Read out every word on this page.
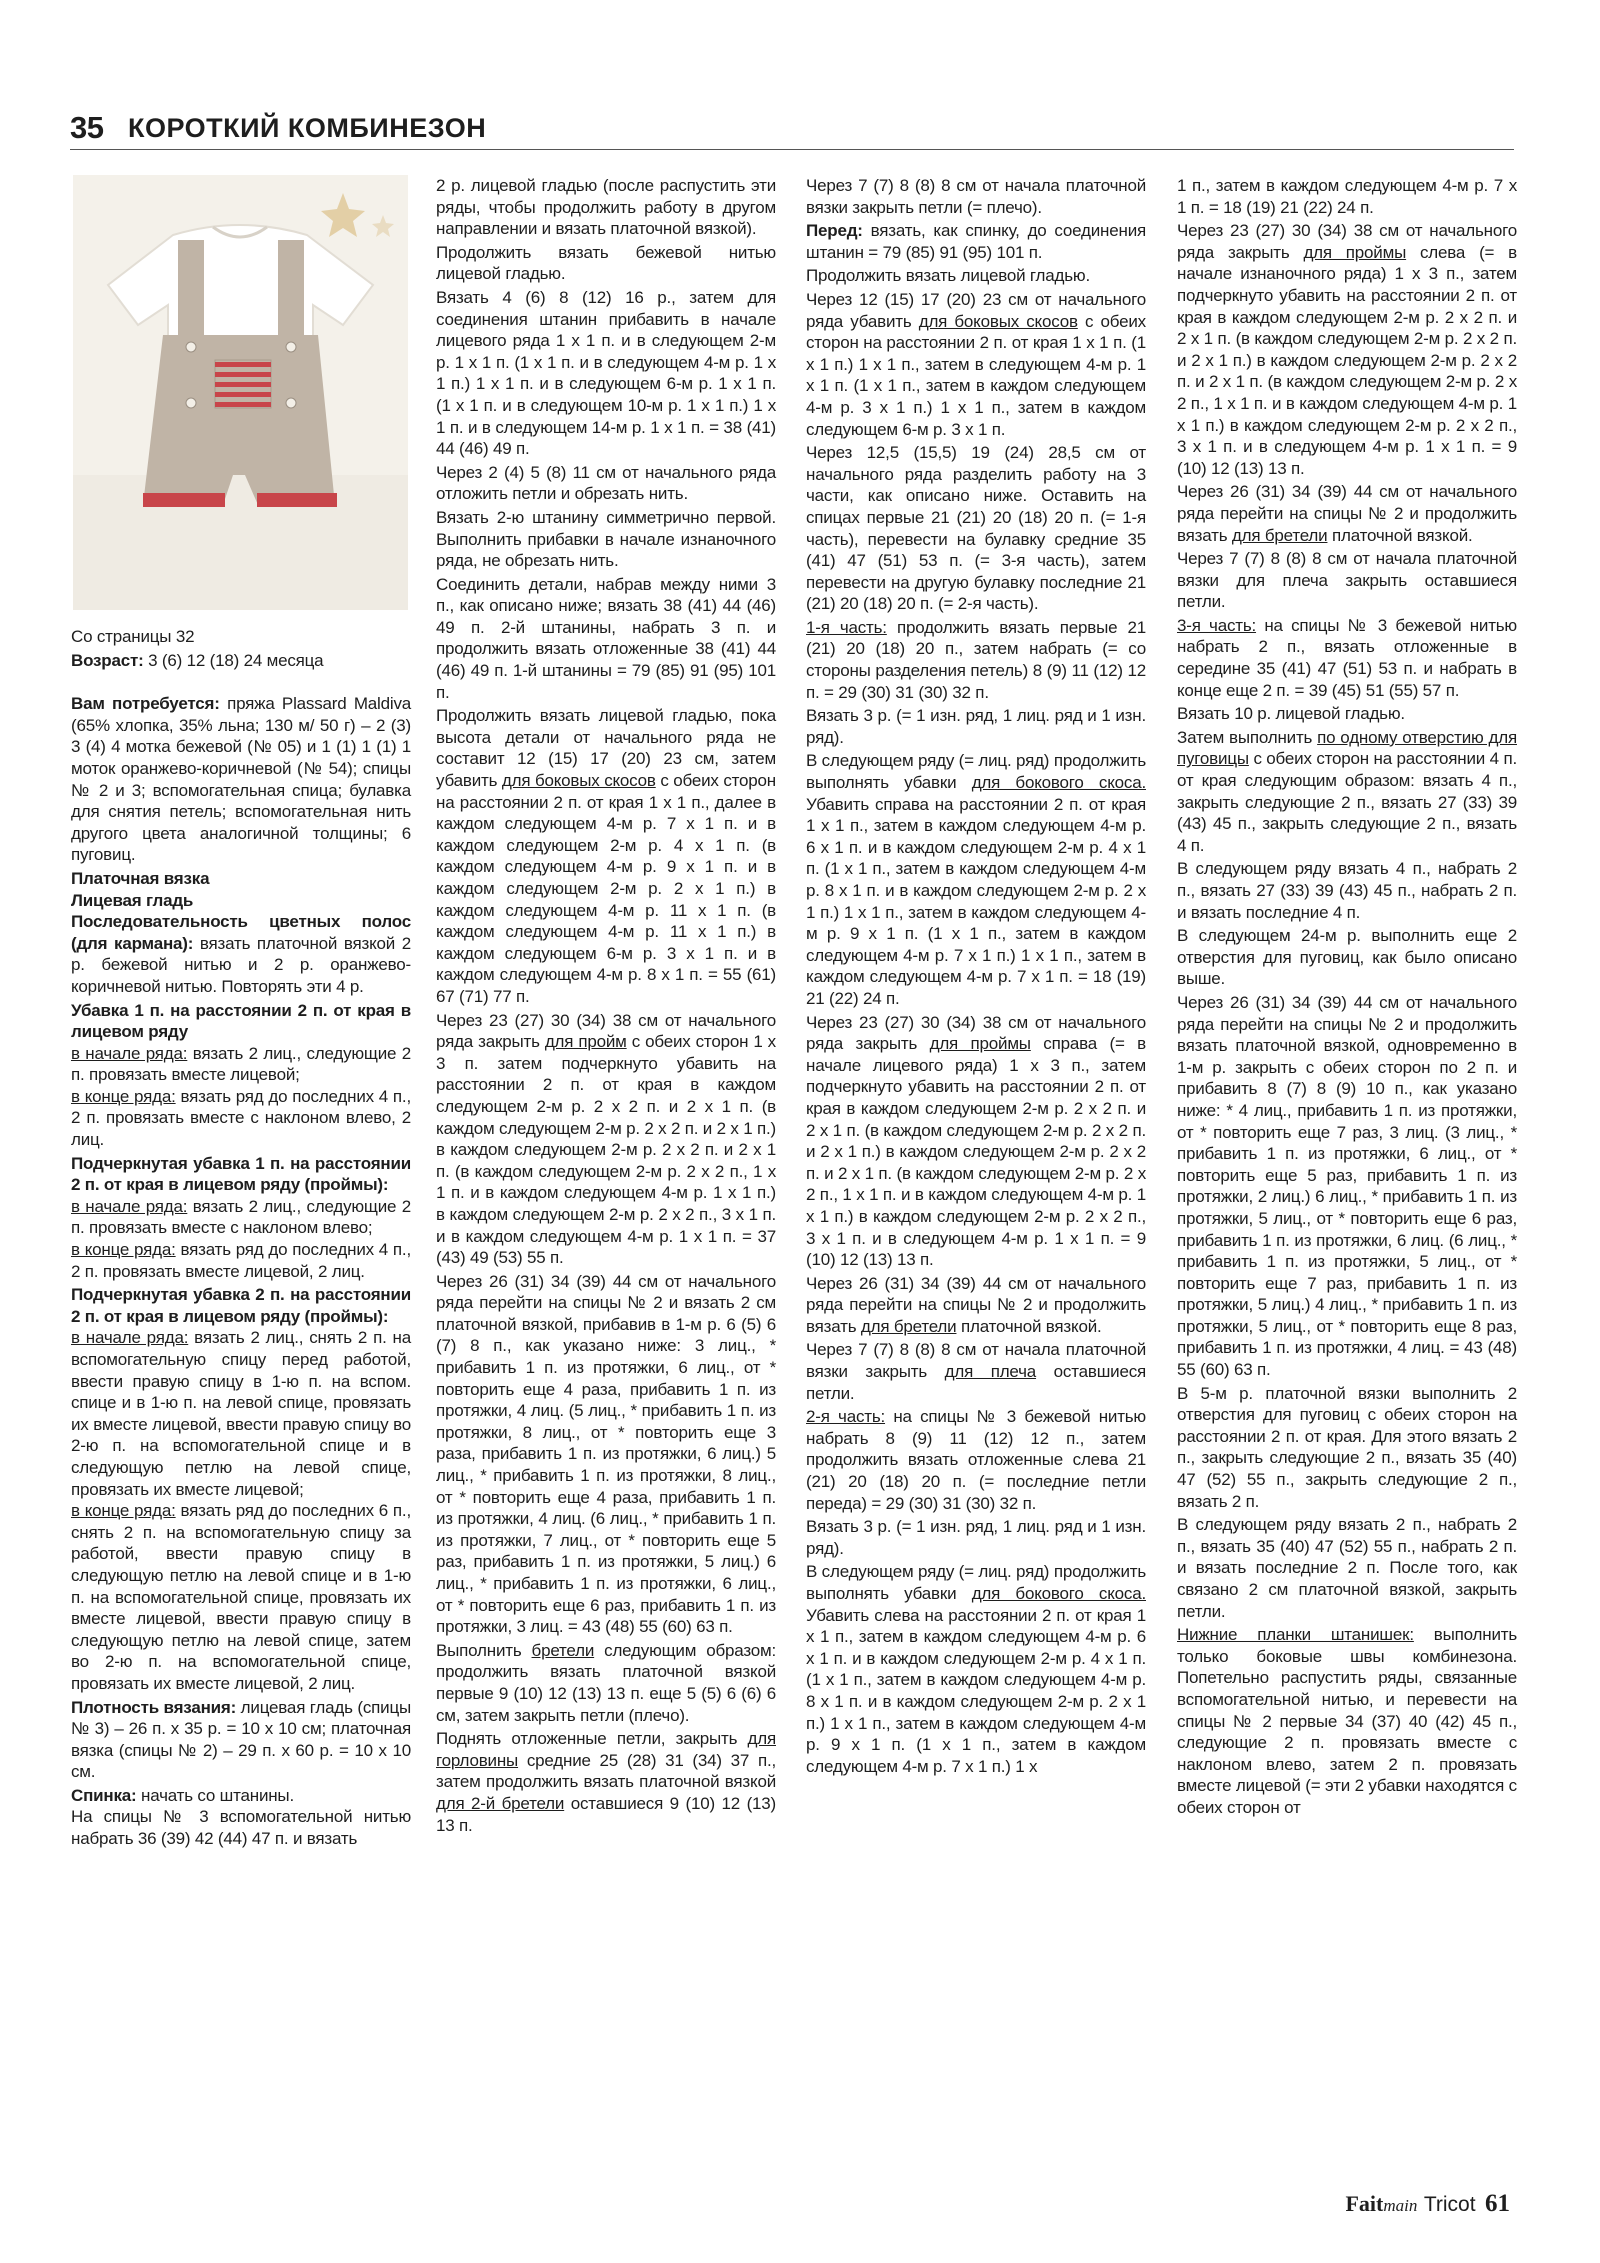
35 КОРОТКИЙ КОМБИНЕЗОН
Со страницы 32
Возраст: 3 (6) 12 (18) 24 месяца
Вам потребуется: пряжа Plassard Maldiva (65% хлопка, 35% льна; 130 м/ 50 г) – 2 (3) 3 (4) 4 мотка бежевой (№ 05) и 1 (1) 1 (1) 1 моток оранжево-коричневой (№ 54); спицы № 2 и 3; вспомогательная спица; булавка для снятия петель; вспомогательная нить другого цвета аналогичной толщины; 6 пуговиц.
Платочная вязка
Лицевая гладь
Последовательность цветных полос (для кармана): вязать платочной вязкой 2 р. бежевой нитью и 2 р. оранжево-коричневой нитью. Повторять эти 4 р.
Убавка 1 п. на расстоянии 2 п. от края в лицевом ряду
в начале ряда: вязать 2 лиц., следующие 2 п. провязать вместе лицевой;
в конце ряда: вязать ряд до последних 4 п., 2 п. провязать вместе с наклоном влево, 2 лиц.
Подчеркнутая убавка 1 п. на расстоянии 2 п. от края в лицевом ряду (проймы):
в начале ряда: вязать 2 лиц., следующие 2 п. провязать вместе с наклоном влево;
в конце ряда: вязать ряд до последних 4 п., 2 п. провязать вместе лицевой, 2 лиц.
Подчеркнутая убавка 2 п. на расстоянии 2 п. от края в лицевом ряду (проймы):
в начале ряда: вязать 2 лиц., снять 2 п. на вспомогательную спицу перед работой, ввести правую спицу в 1-ю п. на вспом. спице и в 1-ю п. на левой спице, провязать их вместе лицевой, ввести правую спицу во 2-ю п. на вспомогательной спице и в следующую петлю на левой спице, провязать их вместе лицевой;
в конце ряда: вязать ряд до последних 6 п., снять 2 п. на вспомогательную спицу за работой, ввести правую спицу в следующую петлю на левой спице и в 1-ю п. на вспомогательной спице, провязать их вместе лицевой, ввести правую спицу в следующую петлю на левой спице, затем во 2-ю п. на вспомогательной спице, провязать их вместе лицевой, 2 лиц.
Плотность вязания: лицевая гладь (спицы № 3) – 26 п. х 35 р. = 10 х 10 см; платочная вязка (спицы № 2) – 29 п. х 60 р. = 10 х 10 см.
Спинка: начать со штанины.
На спицы № 3 вспомогательной нитью набрать 36 (39) 42 (44) 47 п. и вязать
2 р. лицевой гладью (после распустить эти ряды, чтобы продолжить работу в другом направлении и вязать платочной вязкой).
Продолжить вязать бежевой нитью лицевой гладью.
Вязать 4 (6) 8 (12) 16 р., затем для соединения штанин прибавить в начале лицевого ряда 1 х 1 п. и в следующем 2-м р. 1 х 1 п. (1 х 1 п. и в следующем 4-м р. 1 х 1 п.) 1 х 1 п. и в следующем 6-м р. 1 х 1 п. (1 х 1 п. и в следующем 10-м р. 1 х 1 п.) 1 х 1 п. и в следующем 14-м р. 1 х 1 п. = 38 (41) 44 (46) 49 п.
Через 2 (4) 5 (8) 11 см от начального ряда отложить петли и обрезать нить.
Вязать 2-ю штанину симметрично первой. Выполнить прибавки в начале изнаночного ряда, не обрезать нить.
Соединить детали, набрав между ними 3 п., как описано ниже; вязать 38 (41) 44 (46) 49 п. 2-й штанины, набрать 3 п. и продолжить вязать отложенные 38 (41) 44 (46) 49 п. 1-й штанины = 79 (85) 91 (95) 101 п.
Продолжить вязать лицевой гладью, пока высота детали от начального ряда не составит 12 (15) 17 (20) 23 см, затем убавить для боковых скосов с обеих сторон на расстоянии 2 п. от края 1 х 1 п., далее в каждом следующем 4-м р. 7 х 1 п. и в каждом следующем 2-м р. 4 х 1 п. (в каждом следующем 4-м р. 9 х 1 п. и в каждом следующем 2-м р. 2 х 1 п.) в каждом следующем 4-м р. 11 х 1 п. (в каждом следующем 4-м р. 11 х 1 п.) в каждом следующем 6-м р. 3 х 1 п. и в каждом следующем 4-м р. 8 х 1 п. = 55 (61) 67 (71) 77 п.
Через 23 (27) 30 (34) 38 см от начального ряда закрыть для пройм с обеих сторон 1 х 3 п. затем подчеркнуто убавить на расстоянии 2 п. от края в каждом следующем 2-м р. 2 х 2 п. и 2 х 1 п. (в каждом следующем 2-м р. 2 х 2 п. и 2 х 1 п.) в каждом следующем 2-м р. 2 х 2 п. и 2 х 1 п. (в каждом следующем 2-м р. 2 х 2 п., 1 х 1 п. и в каждом следующем 4-м р. 1 х 1 п.) в каждом следующем 2-м р. 2 х 2 п., 3 х 1 п. и в каждом следующем 4-м р. 1 х 1 п. = 37 (43) 49 (53) 55 п.
Через 26 (31) 34 (39) 44 см от начального ряда перейти на спицы № 2 и вязать 2 см платочной вязкой, прибавив в 1-м р. 6 (5) 6 (7) 8 п., как указано ниже: 3 лиц., * прибавить 1 п. из протяжки, 6 лиц., от * повторить еще 4 раза, прибавить 1 п. из протяжки, 4 лиц. (5 лиц., * прибавить 1 п. из протяжки, 8 лиц., от * повторить еще 3 раза, прибавить 1 п. из протяжки, 6 лиц.) 5 лиц., * прибавить 1 п. из протяжки, 8 лиц., от * повторить еще 4 раза, прибавить 1 п. из протяжки, 4 лиц. (6 лиц., * прибавить 1 п. из протяжки, 7 лиц., от * повторить еще 5 раз, прибавить 1 п. из протяжки, 5 лиц.) 6 лиц., * прибавить 1 п. из протяжки, 6 лиц., от * повторить еще 6 раз, прибавить 1 п. из протяжки, 3 лиц. = 43 (48) 55 (60) 63 п.
Выполнить бретели следующим образом: продолжить вязать платочной вязкой первые 9 (10) 12 (13) 13 п. еще 5 (5) 6 (6) 6 см, затем закрыть петли (плечо).
Поднять отложенные петли, закрыть для горловины средние 25 (28) 31 (34) 37 п., затем продолжить вязать платочной вязкой для 2-й бретели оставшиеся 9 (10) 12 (13) 13 п.
Через 7 (7) 8 (8) 8 см от начала платочной вязки закрыть петли (= плечо).
Перед: вязать, как спинку, до соединения штанин = 79 (85) 91 (95) 101 п.
Продолжить вязать лицевой гладью.
Через 12 (15) 17 (20) 23 см от начального ряда убавить для боковых скосов с обеих сторон на расстоянии 2 п. от края 1 х 1 п. (1 х 1 п.) 1 х 1 п., затем в следующем 4-м р. 1 х 1 п. (1 х 1 п., затем в каждом следующем 4-м р. 3 х 1 п.) 1 х 1 п., затем в каждом следующем 6-м р. 3 х 1 п.
Через 12,5 (15,5) 19 (24) 28,5 см от начального ряда разделить работу на 3 части, как описано ниже. Оставить на спицах первые 21 (21) 20 (18) 20 п. (= 1-я часть), перевести на булавку средние 35 (41) 47 (51) 53 п. (= 3-я часть), затем перевести на другую булавку последние 21 (21) 20 (18) 20 п. (= 2-я часть).
1-я часть: продолжить вязать первые 21 (21) 20 (18) 20 п., затем набрать (= со стороны разделения петель) 8 (9) 11 (12) 12 п. = 29 (30) 31 (30) 32 п.
Вязать 3 р. (= 1 изн. ряд, 1 лиц. ряд и 1 изн. ряд).
В следующем ряду (= лиц. ряд) продолжить выполнять убавки для бокового скоса. Убавить справа на расстоянии 2 п. от края 1 х 1 п., затем в каждом следующем 4-м р. 6 х 1 п. и в каждом следующем 2-м р. 4 х 1 п. (1 х 1 п., затем в каждом следующем 4-м р. 8 х 1 п. и в каждом следующем 2-м р. 2 х 1 п.) 1 х 1 п., затем в каждом следующем 4-м р. 9 х 1 п. (1 х 1 п., затем в каждом следующем 4-м р. 7 х 1 п.) 1 х 1 п., затем в каждом следующем 4-м р. 7 х 1 п. = 18 (19) 21 (22) 24 п.
Через 23 (27) 30 (34) 38 см от начального ряда закрыть для проймы справа (= в начале лицевого ряда) 1 х 3 п., затем подчеркнуто убавить на расстоянии 2 п. от края в каждом следующем 2-м р. 2 х 2 п. и 2 х 1 п. (в каждом следующем 2-м р. 2 х 2 п. и 2 х 1 п.) в каждом следующем 2-м р. 2 х 2 п. и 2 х 1 п. (в каждом следующем 2-м р. 2 х 2 п., 1 х 1 п. и в каждом следующем 4-м р. 1 х 1 п.) в каждом следующем 2-м р. 2 х 2 п., 3 х 1 п. и в следующем 4-м р. 1 х 1 п. = 9 (10) 12 (13) 13 п.
Через 26 (31) 34 (39) 44 см от начального ряда перейти на спицы № 2 и продолжить вязать для бретели платочной вязкой.
Через 7 (7) 8 (8) 8 см от начала платочной вязки закрыть для плеча оставшиеся петли.
2-я часть: на спицы № 3 бежевой нитью набрать 8 (9) 11 (12) 12 п., затем продолжить вязать отложенные слева 21 (21) 20 (18) 20 п. (= последние петли переда) = 29 (30) 31 (30) 32 п.
Вязать 3 р. (= 1 изн. ряд, 1 лиц. ряд и 1 изн. ряд).
В следующем ряду (= лиц. ряд) продолжить выполнять убавки для бокового скоса. Убавить слева на расстоянии 2 п. от края 1 х 1 п., затем в каждом следующем 4-м р. 6 х 1 п. и в каждом следующем 2-м р. 4 х 1 п. (1 х 1 п., затем в каждом следующем 4-м р. 8 х 1 п. и в каждом следующем 2-м р. 2 х 1 п.) 1 х 1 п., затем в каждом следующем 4-м р. 9 х 1 п. (1 х 1 п., затем в каждом следующем 4-м р. 7 х 1 п.) 1 х
1 п., затем в каждом следующем 4-м р. 7 х 1 п. = 18 (19) 21 (22) 24 п.
Через 23 (27) 30 (34) 38 см от начального ряда закрыть для проймы слева (= в начале изнаночного ряда) 1 х 3 п., затем подчеркнуто убавить на расстоянии 2 п. от края в каждом следующем 2-м р. 2 х 2 п. и 2 х 1 п. (в каждом следующем 2-м р. 2 х 2 п. и 2 х 1 п.) в каждом следующем 2-м р. 2 х 2 п. и 2 х 1 п. (в каждом следующем 2-м р. 2 х 2 п., 1 х 1 п. и в каждом следующем 4-м р. 1 х 1 п.) в каждом следующем 2-м р. 2 х 2 п., 3 х 1 п. и в следующем 4-м р. 1 х 1 п. = 9 (10) 12 (13) 13 п.
Через 26 (31) 34 (39) 44 см от начального ряда перейти на спицы № 2 и продолжить вязать для бретели платочной вязкой.
Через 7 (7) 8 (8) 8 см от начала платочной вязки для плеча закрыть оставшиеся петли.
3-я часть: на спицы № 3 бежевой нитью набрать 2 п., вязать отложенные в середине 35 (41) 47 (51) 53 п. и набрать в конце еще 2 п. = 39 (45) 51 (55) 57 п.
Вязать 10 р. лицевой гладью.
Затем выполнить по одному отверстию для пуговицы с обеих сторон на расстоянии 4 п. от края следующим образом: вязать 4 п., закрыть следующие 2 п., вязать 27 (33) 39 (43) 45 п., закрыть следующие 2 п., вязать 4 п.
В следующем ряду вязать 4 п., набрать 2 п., вязать 27 (33) 39 (43) 45 п., набрать 2 п. и вязать последние 4 п.
В следующем 24-м р. выполнить еще 2 отверстия для пуговиц, как было описано выше.
Через 26 (31) 34 (39) 44 см от начального ряда перейти на спицы № 2 и продолжить вязать платочной вязкой, одновременно в 1-м р. закрыть с обеих сторон по 2 п. и прибавить 8 (7) 8 (9) 10 п., как указано ниже: * 4 лиц., прибавить 1 п. из протяжки, от * повторить еще 7 раз, 3 лиц. (3 лиц., * прибавить 1 п. из протяжки, 6 лиц., от * повторить еще 5 раз, прибавить 1 п. из протяжки, 2 лиц.) 6 лиц., * прибавить 1 п. из протяжки, 5 лиц., от * повторить еще 6 раз, прибавить 1 п. из протяжки, 6 лиц. (6 лиц., * прибавить 1 п. из протяжки, 5 лиц., от * повторить еще 7 раз, прибавить 1 п. из протяжки, 5 лиц.) 4 лиц., * прибавить 1 п. из протяжки, 5 лиц., от * повторить еще 8 раз, прибавить 1 п. из протяжки, 4 лиц. = 43 (48) 55 (60) 63 п.
В 5-м р. платочной вязки выполнить 2 отверстия для пуговиц с обеих сторон на расстоянии 2 п. от края. Для этого вязать 2 п., закрыть следующие 2 п., вязать 35 (40) 47 (52) 55 п., закрыть следующие 2 п., вязать 2 п.
В следующем ряду вязать 2 п., набрать 2 п., вязать 35 (40) 47 (52) 55 п., набрать 2 п. и вязать последние 2 п. После того, как связано 2 см платочной вязкой, закрыть петли.
Нижние планки штанишек: выполнить только боковые швы комбинезона. Попетельно распустить ряды, связанные вспомогательной нитью, и перевести на спицы № 2 первые 34 (37) 40 (42) 45 п., следующие 2 п. провязать вместе с наклоном влево, затем 2 п. провязать вместе лицевой (= эти 2 убавки находятся с обеих сторон от
Faitmain Tricot 61
